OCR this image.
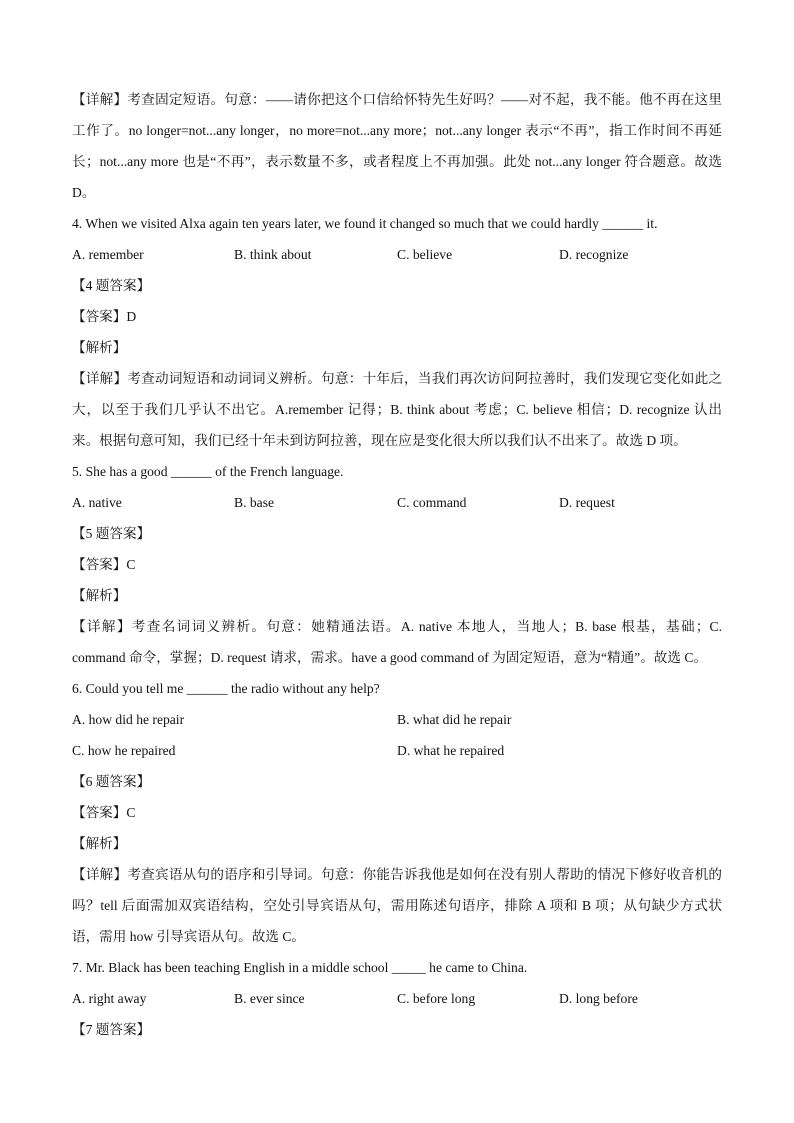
【详解】考查固定短语。句意：——请你把这个口信给怀特先生好吗？——对不起，我不能。他不再在这里工作了。no longer=not...any longer，no more=not...any more；not...any longer 表示“不再”，指工作时间不再延长；not...any more 也是“不再”，表示数量不多，或者程度上不再加强。此处 not...any longer 符合题意。故选 D。
4. When we visited Alxa again ten years later, we found it changed so much that we could hardly ______ it.
A. remember	B. think about	C. believe	D. recognize
【4 题答案】
【答案】D
【解析】
【详解】考查动词短语和动词词义辨析。句意：十年后，当我们再次访问阿拉善时，我们发现它变化如此之大，以至于我们几乎认不出它。A.remember 记得；B. think about 考虑；C. believe 相信；D. recognize 认出来。根据句意可知，我们已经十年未到访阿拉善，现在应是变化很大所以我们认不出来了。故选 D 项。
5. She has a good ______ of the French language.
A. native	B. base	C. command	D. request
【5 题答案】
【答案】C
【解析】
【详解】考查名词词义辨析。句意：她精通法语。A. native 本地人，当地人；B. base 根基，基础；C. command 命令，掌握；D. request 请求，需求。have a good command of 为固定短语，意为“精通”。故选 C。
6. Could you tell me ______ the radio without any help?
A. how did he repair	B. what did he repair
C. how he repaired	D. what he repaired
【6 题答案】
【答案】C
【解析】
【详解】考查宾语从句的语序和引导词。句意：你能告诉我他是如何在没有别人帮助的情况下修好收音机的吗？tell 后面需加双宾语结构，空处引导宾语从句，需用陈述句语序，排除 A 项和 B 项；从句缺少方式状语，需用 how 引导宾语从句。故选 C。
7. Mr. Black has been teaching English in a middle school _____ he came to China.
A. right away	B. ever since	C. before long	D. long before
【7 题答案】
